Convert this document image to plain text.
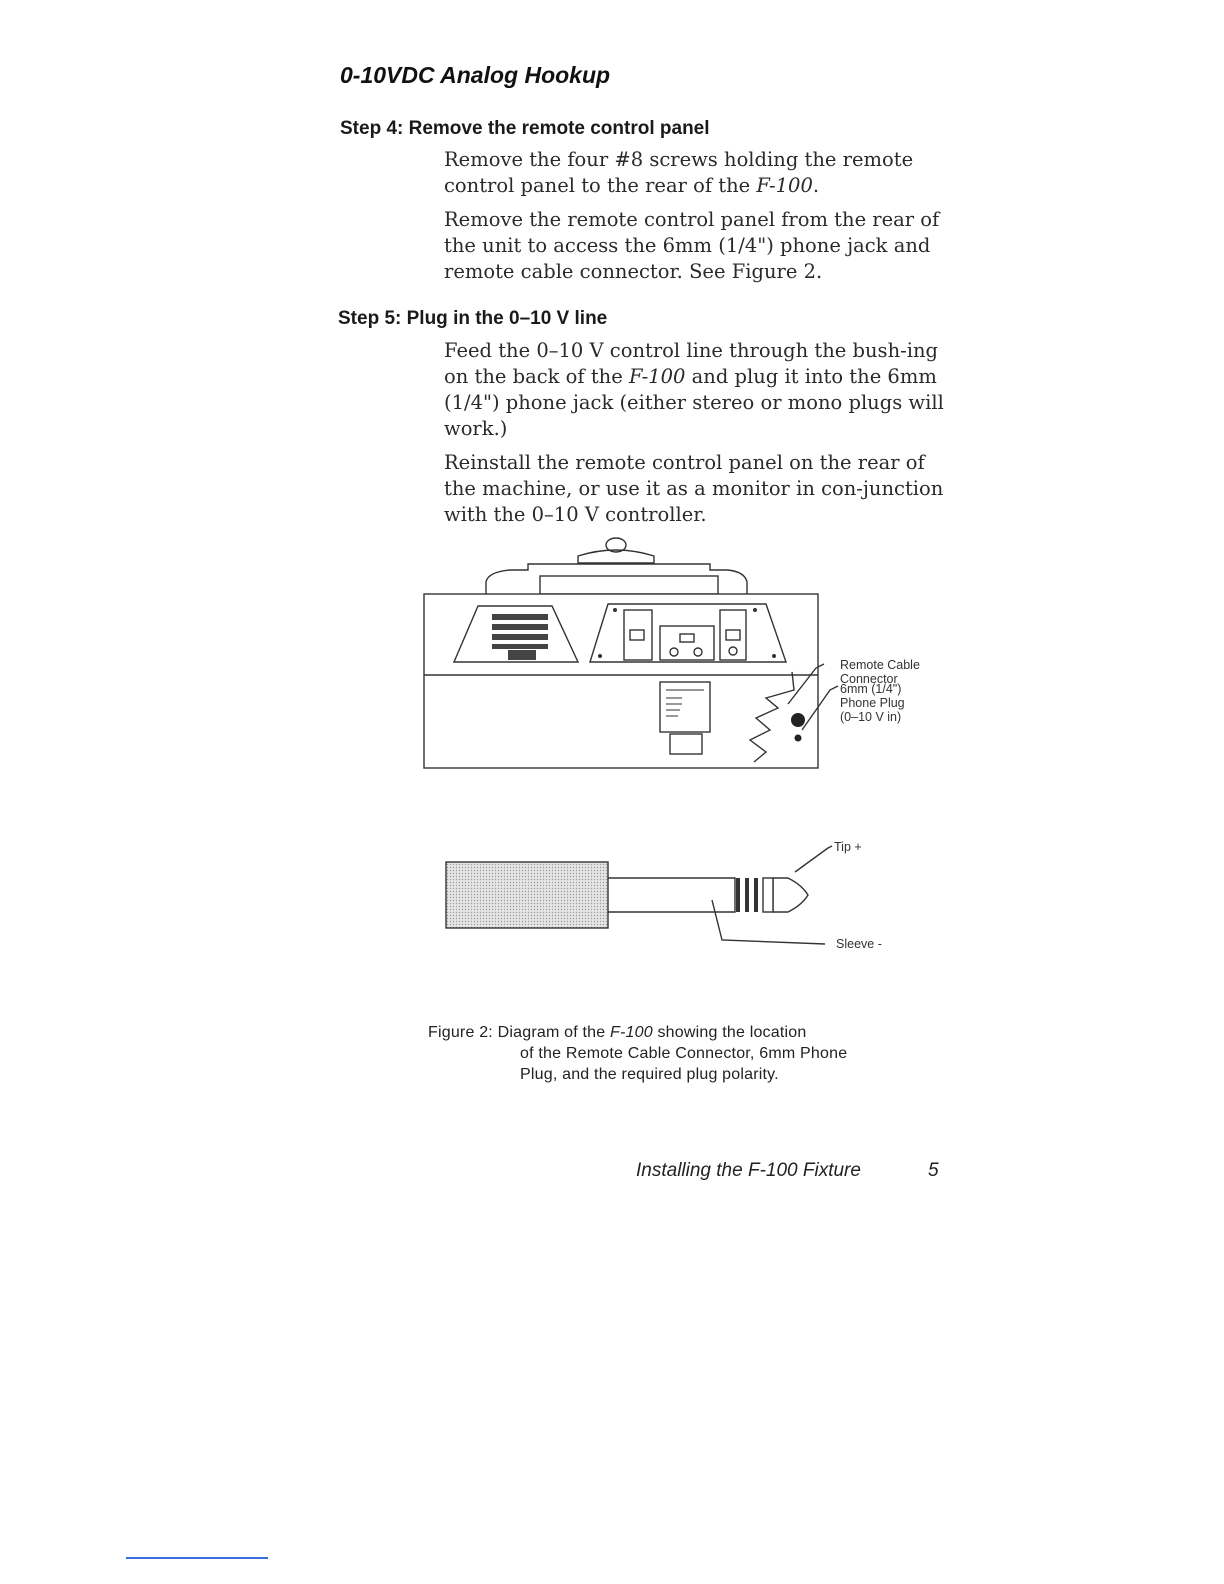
0-10VDC Analog Hookup
Step 4: Remove the remote control panel

Remove the four #8 screws holding the remote control panel to the rear of the F-100.

Remove the remote control panel from the rear of the unit to access the 6mm (1/4") phone jack and remote cable connector. See Figure 2.

Step 5: Plug in the 0–10 V line

Feed the 0–10 V control line through the bush-ing on the back of the F-100 and plug it into the 6mm (1/4") phone jack (either stereo or mono plugs will work.)

Reinstall the remote control panel on the rear of the machine, or use it as a monitor in con-junction with the 0–10 V controller.

Remote Cable
Connector
6mm (1/4")
Phone Plug
(0–10 V in)
Tip +
Sleeve -
Figure 2: Diagram of the F-100 showing the location
of the Remote Cable Connector, 6mm Phone
Plug, and the required plug polarity.
Installing the F-100 Fixture	5
